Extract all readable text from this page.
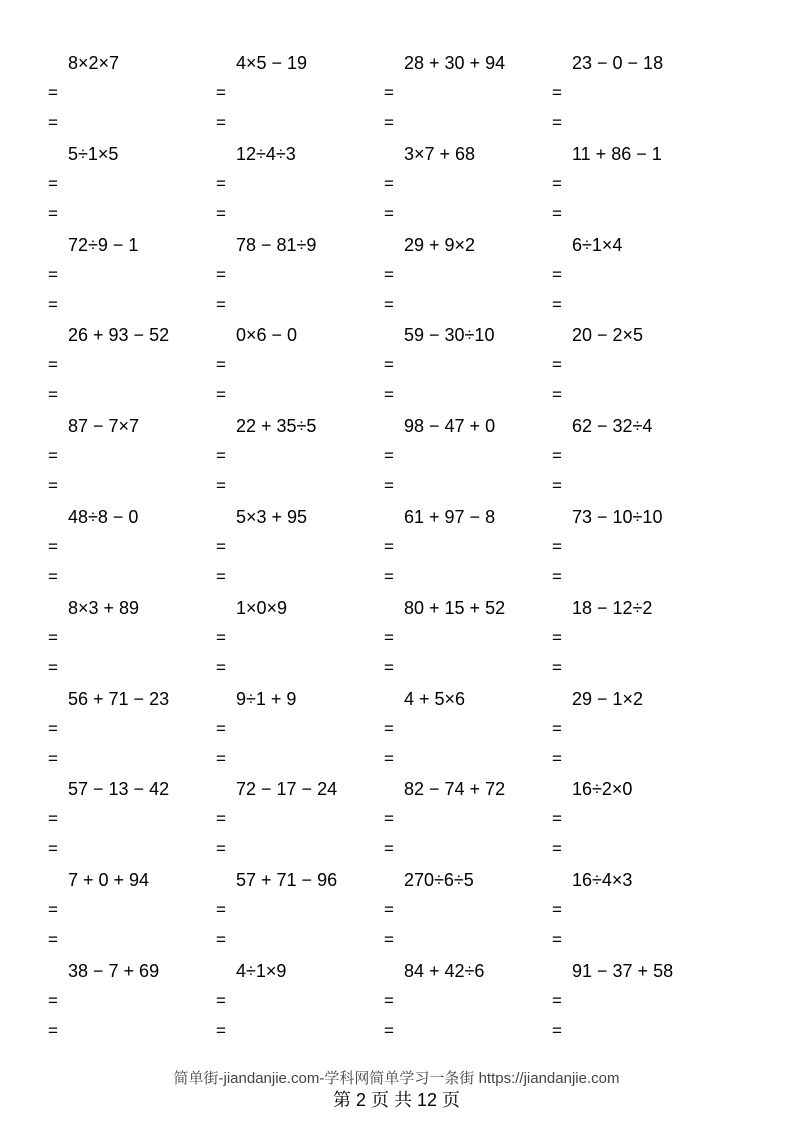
8×2×7
=
=
4×5 − 19
=
=
28 + 30 + 94
=
=
23 − 0 − 18
=
=
5÷1×5
=
=
12÷4÷3
=
=
3×7 + 68
=
=
11 + 86 − 1
=
=
72÷9 − 1
=
=
78 − 81÷9
=
=
29 + 9×2
=
=
6÷1×4
=
=
26 + 93 − 52
=
=
0×6 − 0
=
=
59 − 30÷10
=
=
20 − 2×5
=
=
87 − 7×7
=
=
22 + 35÷5
=
=
98 − 47 + 0
=
=
62 − 32÷4
=
=
48÷8 − 0
=
=
5×3 + 95
=
=
61 + 97 − 8
=
=
73 − 10÷10
=
=
8×3 + 89
=
=
1×0×9
=
=
80 + 15 + 52
=
=
18 − 12÷2
=
=
56 + 71 − 23
=
=
9÷1 + 9
=
=
4 + 5×6
=
=
29 − 1×2
=
=
57 − 13 − 42
=
=
72 − 17 − 24
=
=
82 − 74 + 72
=
=
16÷2×0
=
=
7 + 0 + 94
=
=
57 + 71 − 96
=
=
270÷6÷5
=
=
16÷4×3
=
=
38 − 7 + 69
=
=
4÷1×9
=
=
84 + 42÷6
=
=
91 − 37 + 58
=
=
简单街-jiandanjie.com-学科网简单学习一条街 https://jiandanjie.com
第 2 页 共 12 页
